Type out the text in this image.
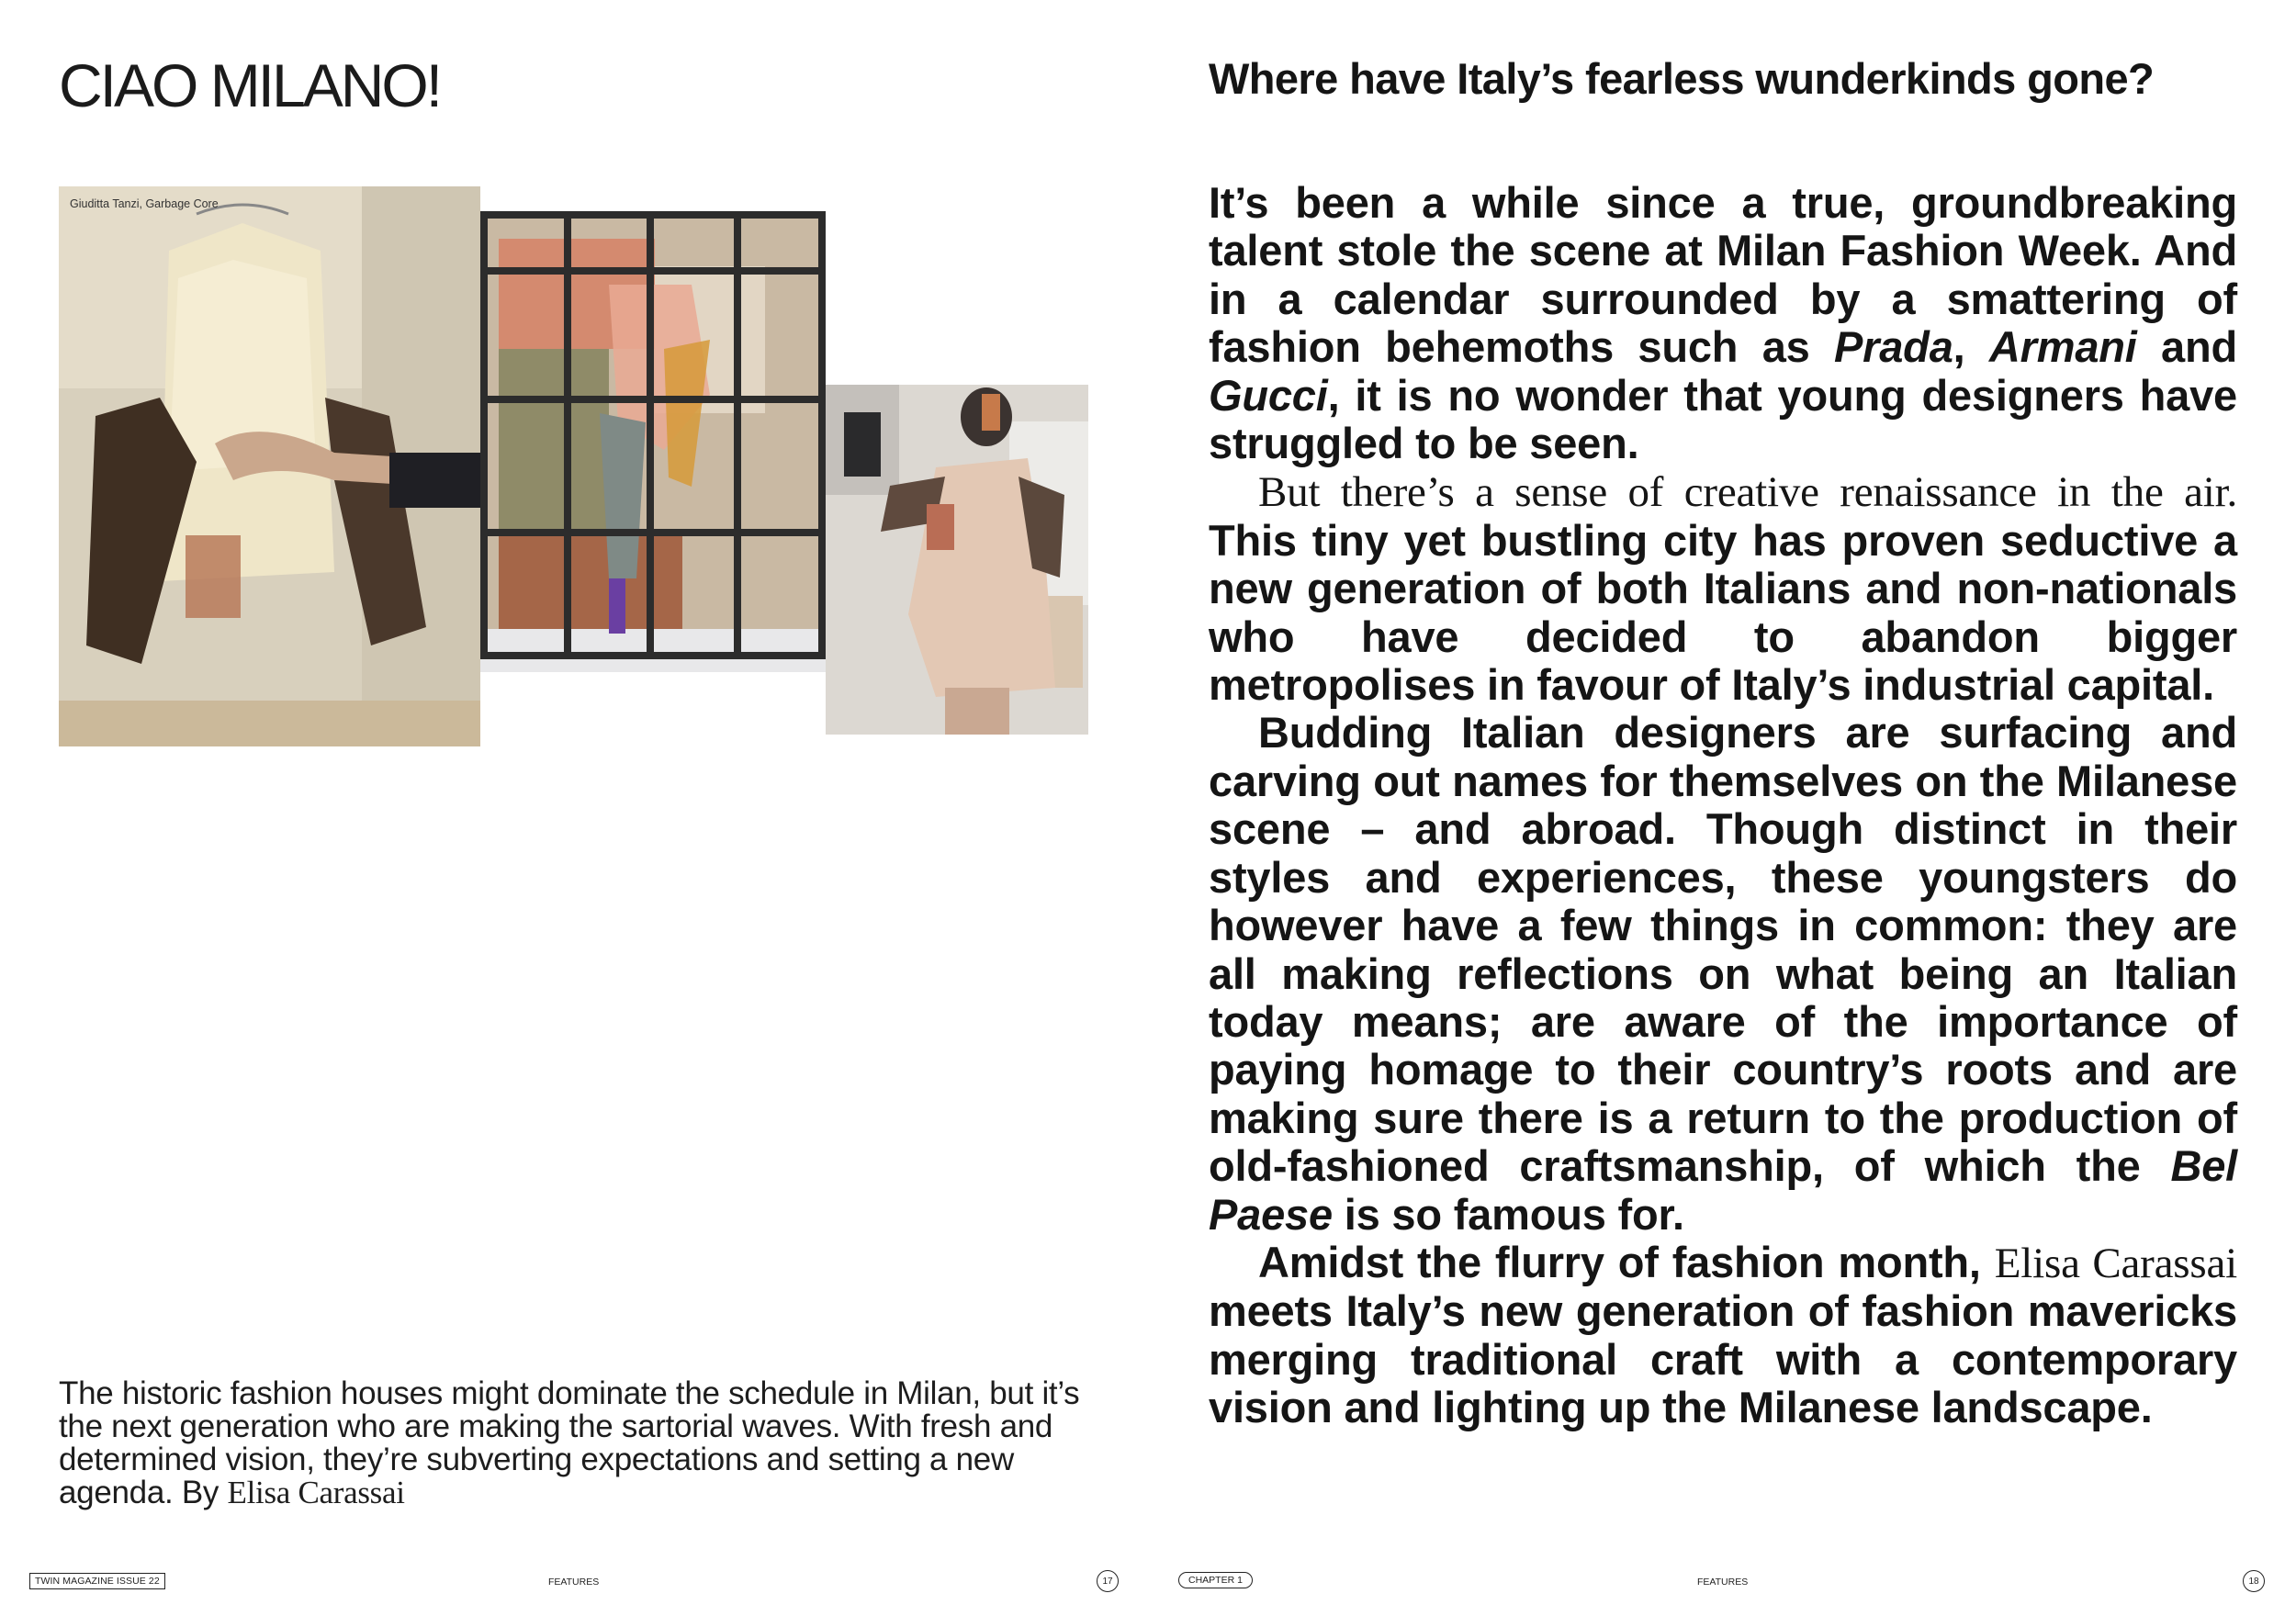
CIAO MILANO!
Giuditta Tanzi, Garbage Core

The historic fashion houses might dominate the schedule in Milan, but it’s the next generation who are making the sartorial waves. With fresh and determined vision, they’re subverting expectations and setting a new agenda. By Elisa Carassai

TWIN MAGAZINE ISSUE 22	FEATURES	17
Where have Italy’s fearless wunderkinds gone?

It’s been a while since a true, groundbreaking talent stole the scene at Milan Fashion Week. And in a calendar surrounded by a smattering of fashion behemoths such as Prada, Armani and Gucci, it is no wonder that young designers have struggled to be seen.

But there’s a sense of creative renaissance in the air. This tiny yet bustling city has proven seductive a new generation of both Italians and non-nationals who have decided to abandon bigger metropolises in favour of Italy’s industrial capital.

Budding Italian designers are surfacing and carving out names for themselves on the Milanese scene – and abroad. Though distinct in their styles and experiences, these youngsters do however have a few things in common: they are all making reflections on what being an Italian today means; are aware of the importance of paying homage to their country’s roots and are making sure there is a return to the production of old-fashioned craftsmanship, of which the Bel Paese is so famous for.

Amidst the flurry of fashion month, Elisa Carassai meets Italy’s new generation of fashion mavericks merging traditional craft with a contemporary vision and lighting up the Milanese landscape.

CHAPTER 1	FEATURES	18
